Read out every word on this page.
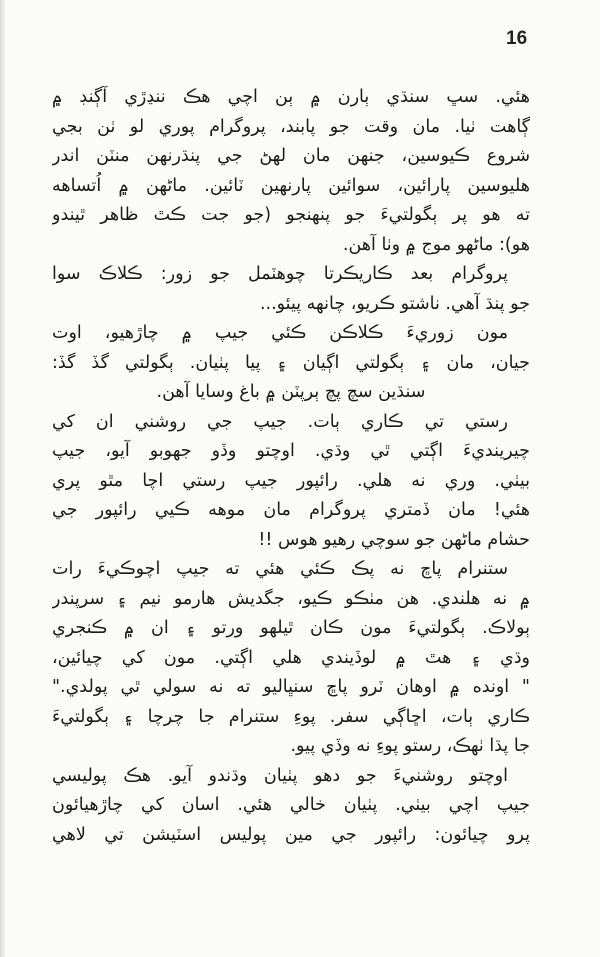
16
هئي. سڀ سنڌي ٻارن ۾ ٻن اچي هڪ ننڍڙي آڳنڊ ۾
ڳاهت ٺيا. مان وقت جو پابند، پروگرام پوري لو ٺن بجي
شروع ڪيوسين، جنهن مان لهڻ جي پنڌرنهن منٽن اندر
هليوسين پارائين، سوائين پارنهين ٽائين. ماڻهن ۾ اُتساهه
ته هو پر ٻگولتيءَ جو پنهنجو (جو جت ڪٿ ظاهر ٿيندو
هو): ماڻهو موج ۾ وٺا آهن.
پروگرام بعد ڪاريڪرتا چوهٽمل جو زور: ڪلاڪ سوا
جو پنڌ آهي. ناشتو ڪريو، چانهه پيئو...
مون زوريءَ ڪلاڪن ڪئي جيپ ۾ چاڙهيو، اوت
جيان، مان ۽ ٻگولتي اڳيان ۽ پيا پٺيان. ٻگولتي گڏ گڏ:
سنڌين سچ پچ ٻرپٽن ۾ باغ وسايا آهن.
رستي تي ڪاري ٻات. جيپ جي روشني ان کي
چيرينديءَ اڳتي ٿي وڌي. اوچتو وڏو جهوبو آيو، جيپ
بيٺي. وري نه هلي. رائپور جيپ رستي اچا مٿو پري
هئي! مان ڏمتري پروگرام مان موهه ڪيي رائپور جي
حشام ماڻهن جو سوچي رهيو هوس !!
ستنرام پاڇ نه پڪ ڪئي هئي ته جيپ اچوڪيءَ رات
۾ نه هلندي. هن مٺڪو ڪيو، جگديش هارمو نيم ۽ سرپندر
ٻولاڪ. ٻگولتيءَ مون ڪان ٿيلهو ورتو ۽ ان ۾ ڪنجري
وڌي ۽ هٿ ۾ لوڏيندي هلي اڳتي. مون کي چيائين،
" اونده ۾ اوهان ٽرو پاڇ سنڀاليو ته نه سولي ٿي پولدي."
ڪاري ٻات، اڇاڳي سفر. پوءِ ستنرام جا چرچا ۽ ٻگولتيءَ
جا پڌا ٺهڪ، رستو پوءِ نه وڏي پيو.
اوچتو روشنيءَ جو دهو پٺيان وڌندو آيو. هڪ پوليسي
جيپ اچي بيٺي. پٺيان خالي هئي. اسان کي چاڙهيائون
پرو چيائون: رائپور جي مين پوليس اسٽيشن تي لاهي
